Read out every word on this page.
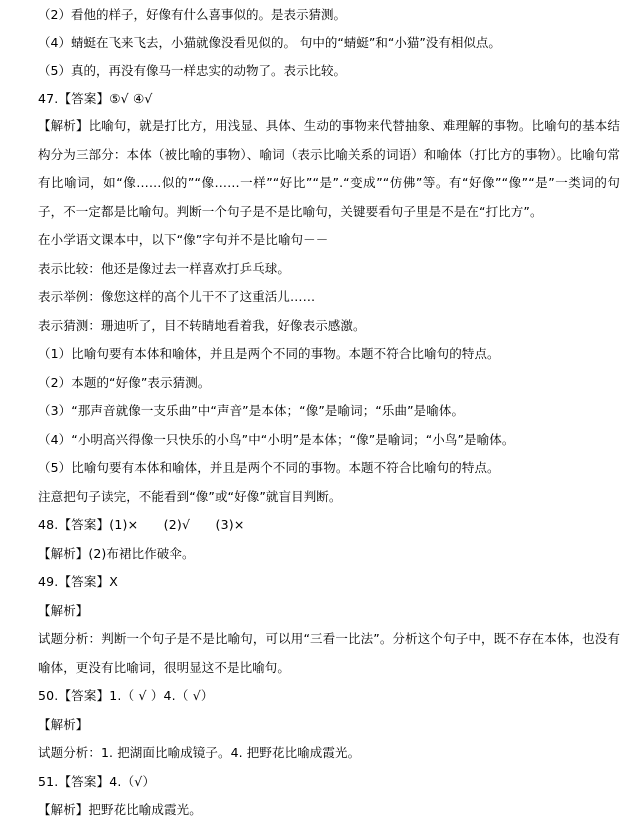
（2）看他的样子，好像有什么喜事似的。是表示猜测。
（4）蜻蜓在飞来飞去，小猫就像没看见似的。 句中的“蜻蜓”和“小猫”没有相似点。
（5）真的，再没有像马一样忠实的动物了。表示比较。
47.【答案】⑤√ ④√
【解析】比喻句，就是打比方，用浅显、具体、生动的事物来代替抽象、难理解的事物。比喻句的基本结构分为三部分：本体（被比喻的事物）、喻词（表示比喻关系的词语）和喻体（打比方的事物）。比喻句常有比喻词，如“像……似的”“像……一样”“好比”“是”.“变成”“仿佛”等。有“好像”“像”“是”一类词的句子，不一定都是比喻句。判断一个句子是不是比喻句，关键要看句子里是不是在“打比方”。
在小学语文课本中，以下“像”字句并不是比喻句－－
表示比较：他还是像过去一样喜欢打乒乓球。
表示举例：像您这样的高个儿干不了这重活儿……
表示猜测：珊迪听了，目不转睛地看着我，好像表示感激。
（1）比喻句要有本体和喻体，并且是两个不同的事物。本题不符合比喻句的特点。
（2）本题的“好像”表示猜测。
（3）“那声音就像一支乐曲”中“声音”是本体；“像”是喻词；“乐曲”是喻体。
（4）“小明高兴得像一只快乐的小鸟”中“小明”是本体；“像”是喻词；“小鸟”是喻体。
（5）比喻句要有本体和喻体，并且是两个不同的事物。本题不符合比喻句的特点。
注意把句子读完，不能看到“像”或“好像”就盲目判断。
48.【答案】(1)×　　(2)√　　(3)×
【解析】(2)布裙比作破伞。
49.【答案】X
【解析】
试题分析：判断一个句子是不是比喻句，可以用“三看一比法”。分析这个句子中，既不存在本体，也没有喻体，更没有比喻词，很明显这不是比喻句。
50.【答案】1.（ √ ）4.（ √）
【解析】
试题分析：1. 把湖面比喻成镜子。4. 把野花比喻成霞光。
51.【答案】4.（√）
【解析】把野花比喻成霞光。
